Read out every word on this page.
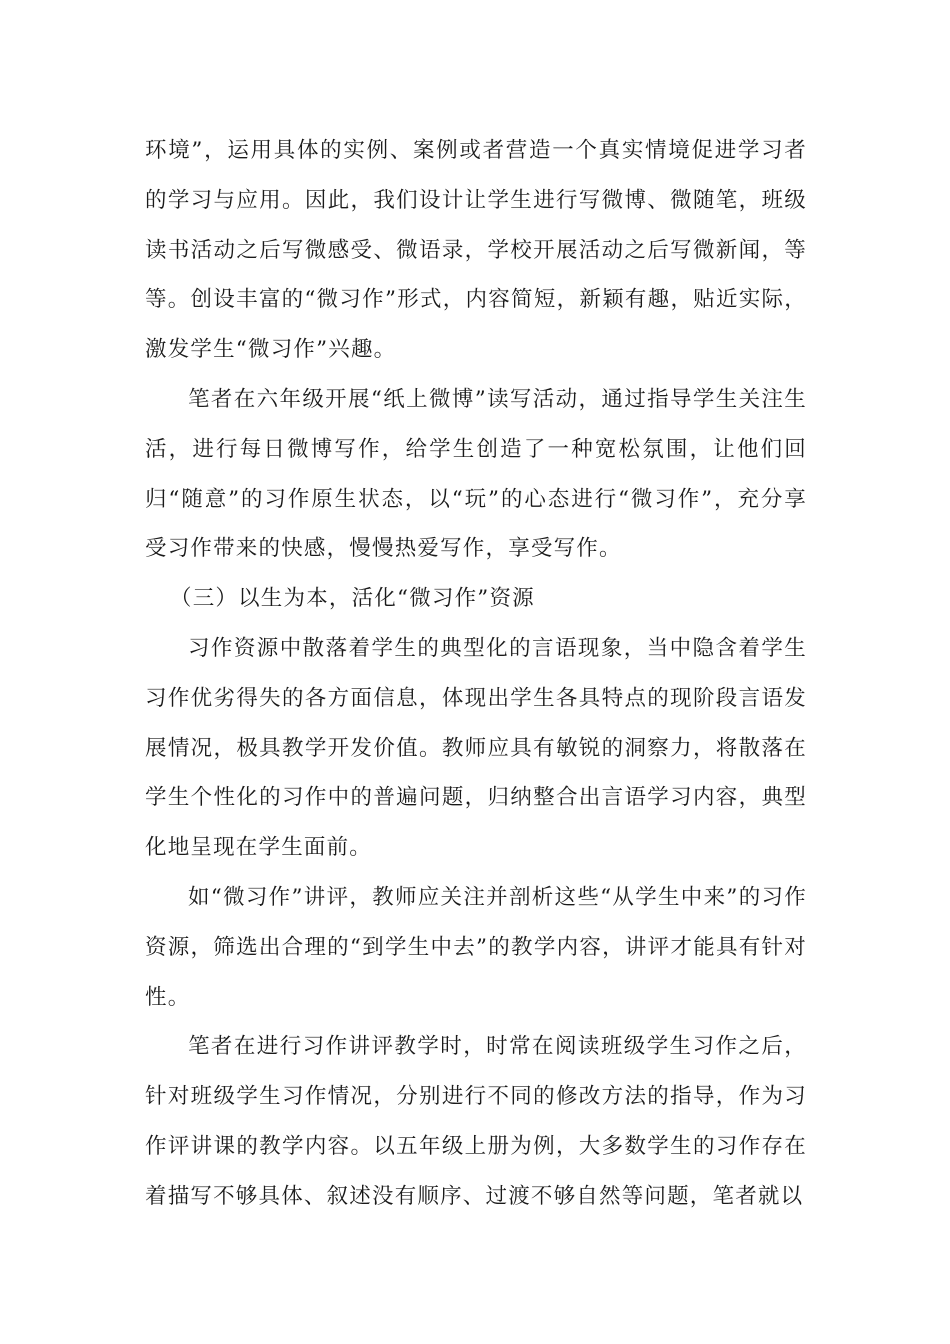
环境”，运用具体的实例、案例或者营造一个真实情境促进学习者的学习与应用。因此，我们设计让学生进行写微博、微随笔，班级读书活动之后写微感受、微语录，学校开展活动之后写微新闻，等等。创设丰富的“微习作”形式，内容简短，新颖有趣，贴近实际，激发学生“微习作”兴趣。

笔者在六年级开展“纸上微博”读写活动，通过指导学生关注生活，进行每日微博写作，给学生创造了一种宽松氛围，让他们回归“随意”的习作原生状态，以“玩”的心态进行“微习作”，充分享受习作带来的快感，慢慢热爱写作，享受写作。

（三）以生为本，活化“微习作”资源

习作资源中散落着学生的典型化的言语现象，当中隐含着学生习作优劣得失的各方面信息，体现出学生各具特点的现阶段言语发展情况，极具教学开发价值。教师应具有敏锐的洞察力，将散落在学生个性化的习作中的普遍问题，归纳整合出言语学习内容，典型化地呈现在学生面前。

如“微习作”讲评，教师应关注并剖析这些“从学生中来”的习作资源，筛选出合理的“到学生中去”的教学内容，讲评才能具有针对性。

笔者在进行习作讲评教学时，时常在阅读班级学生习作之后，针对班级学生习作情况，分别进行不同的修改方法的指导，作为习作评讲课的教学内容。以五年级上册为例，大多数学生的习作存在着描写不够具体、叙述没有顺序、过渡不够自然等问题，笔者就以
